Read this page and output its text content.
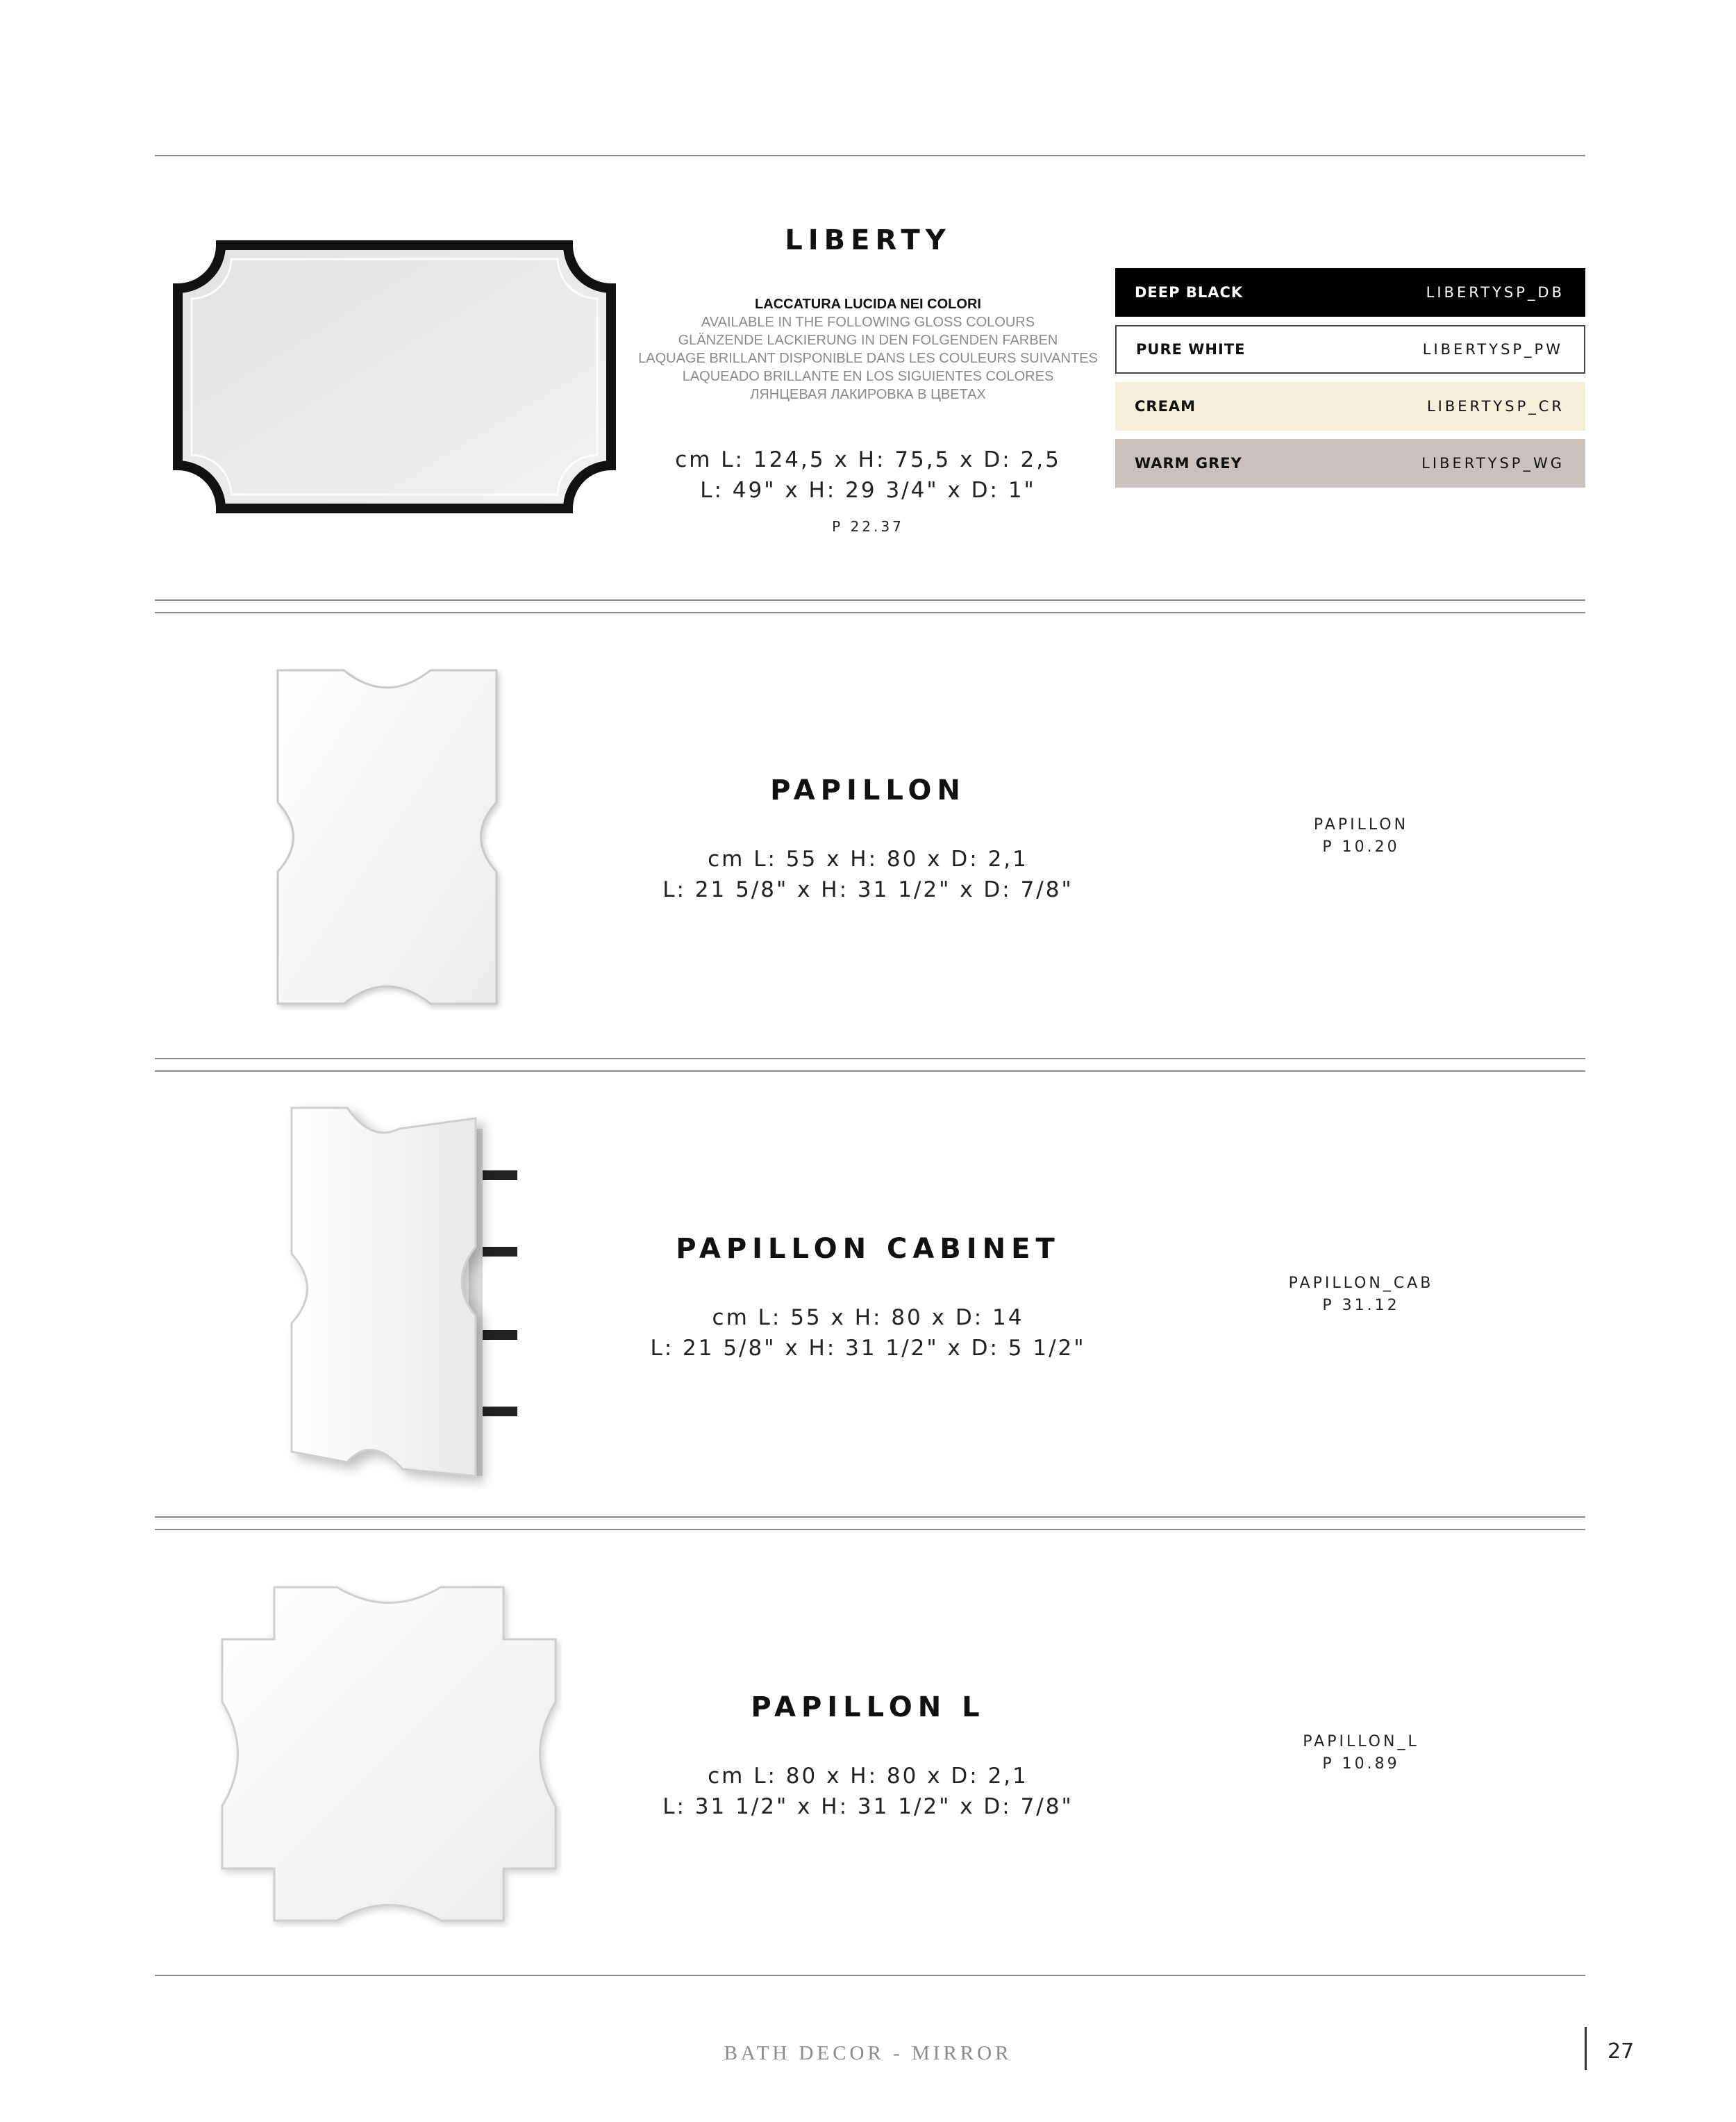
LIBERTY
LACCATURA LUCIDA NEI COLORI
AVAILABLE IN THE FOLLOWING GLOSS COLOURS
GLÄNZENDE LACKIERUNG IN DEN FOLGENDEN FARBEN
LAQUAGE BRILLANT DISPONIBLE DANS LES COULEURS SUIVANTES
LAQUEADO BRILLANTE EN LOS SIGUIENTES COLORES
ЛЯНЦЕВАЯ ЛАКИРОВКА В ЦВЕТАХ
cm L: 124,5 x H: 75,5 x D: 2,5
L: 49" x H: 29 3/4" x D: 1"
P 22.37
DEEP BLACK	LIBERTYSP_DB
PURE WHITE	LIBERTYSP_PW
CREAM	LIBERTYSP_CR
WARM GREY	LIBERTYSP_WG
PAPILLON
cm L: 55 x H: 80 x D: 2,1
L: 21 5/8" x H: 31 1/2" x D: 7/8"
PAPILLON
P 10.20
PAPILLON CABINET
cm L: 55 x H: 80 x D: 14
L: 21 5/8" x H: 31 1/2" x D: 5 1/2"
PAPILLON_CAB
P 31.12
PAPILLON L
cm L: 80 x H: 80 x D: 2,1
L: 31 1/2" x H: 31 1/2" x D: 7/8"
PAPILLON_L
P 10.89
BATH DECOR - MIRROR	27
